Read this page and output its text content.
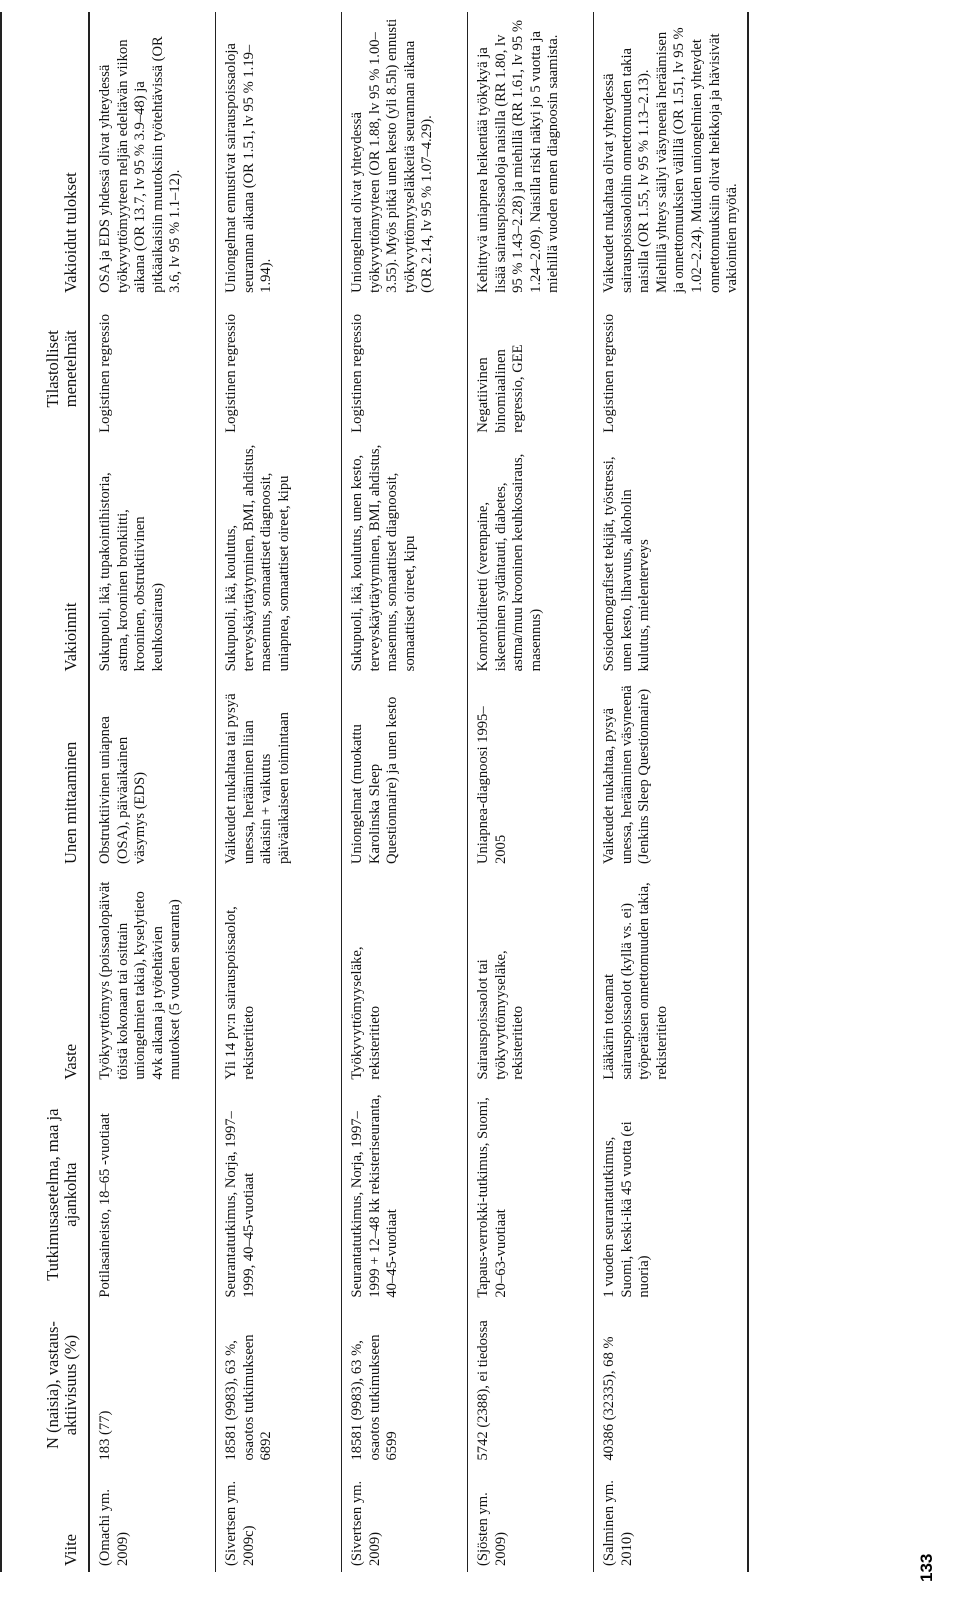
Viite	N (naisia), vastaus-aktiivisuus (%)	Tutkimusasetelma, maa ja ajankohta	Vaste	Unen mittaaminen	Vakioinnit	Tilastolliset menetelmät	Vakioidut tulokset
(Omachi ym. 2009)	183 (77)	Potilasaineisto, 18–65 -vuotiaat	Työkyvyttömyys (poissaolopäivät töistä kokonaan tai osittain uniongelmien takia), kyselytieto 4vk aikana ja työtehtävien muutokset (5 vuoden seuranta)	Obstruktiivinen uniapnea (OSA), päiväaikainen väsymys (EDS)	Sukupuoli, ikä, tupakointihistoria, astma, krooninen bronkiitti, krooninen, obstruktiivinen keuhkosairaus)	Logistinen regressio	OSA ja EDS yhdessä olivat yhteydessä työkyvyttömyyteen neljän edeltävän viikon aikana (OR 13.7, lv 95 % 3.9–48) ja pitkäaikaisiin muutoksiin työtehtävissä (OR 3.6, lv 95 % 1.1–12).
(Sivertsen ym. 2009c)	18581 (9983), 63 %, osaotos tutkimukseen 6892	Seurantatutkimus, Norja, 1997–1999, 40–45-vuotiaat	Yli 14 pv:n sairauspoissaolot, rekisteritieto	Vaikeudet nukahtaa tai pysyä unessa, herääminen liian aikaisin + vaikutus päiväaikaiseen toimintaan	Sukupuoli, ikä, koulutus, terveyskäyttäytyminen, BMI, ahdistus, masennus, somaattiset diagnoosit, uniapnea, somaattiset oireet, kipu	Logistinen regressio	Uniongelmat ennustivat sairauspoissaoloja seurannan aikana (OR 1.51, lv 95 % 1.19–1.94).
(Sivertsen ym. 2009)	18581 (9983), 63 %, osaotos tutkimukseen 6599	Seurantatutkimus, Norja, 1997–1999 + 12–48 kk rekisteriseuranta, 40–45-vuotiaat	Työkyvyttömyyseläke, rekisteritieto	Uniongelmat (muokattu Karolinska Sleep Questionnaire) ja unen kesto	Sukupuoli, ikä, koulutus, unen kesto, terveyskäyttäytyminen, BMI, ahdistus, masennus, somaattiset diagnoosit, somaattiset oireet, kipu	Logistinen regressio	Uniongelmat olivat yhteydessä työkyvyttömyyteen (OR 1.88, lv 95 % 1.00–3.55). Myös pitkä unen kesto (yli 8.5h) ennusti työkyvyttömyyseläkkeitä seurannan aikana (OR 2.14, lv 95 % 1.07–4.29).
(Sjösten ym. 2009)	5742 (2388), ei tiedossa	Tapaus-verrokki-tutkimus, Suomi, 20–63-vuotiaat	Sairauspoissaolot tai työkyvyttömyyseläke, rekisteritieto	Uniapnea-diagnoosi 1995–2005	Komorbiditeetti (verenpaine, iskeeminen sydäntauti, diabetes, astma/muu krooninen keuhkosairaus, masennus)	Negatiivinen binomiaalinen regressio, GEE	Kehittyvä uniapnea heikentää työkykyä ja lisää sairauspoissaoloja naisilla (RR 1.80, lv 95 % 1.43–2.28) ja miehillä (RR 1.61, lv 95 % 1.24–2.09). Naisilla riski näkyi jo 5 vuotta ja miehillä vuoden ennen diagnoosin saamista.
(Salminen ym. 2010)	40386 (32335), 68 %	1 vuoden seurantatutkimus, Suomi, keski-ikä 45 vuotta (ei nuoria)	Lääkärin toteamat sairauspoissaolot (kyllä vs. ei) työperäisen onnettomuuden takia, rekisteritieto	Vaikeudet nukahtaa, pysyä unessa, herääminen väsyneenä (Jenkins Sleep Questionnaire)	Sosiodemografiset tekijät, työstressi, unen kesto, lihavuus, alkoholin kulutus, mielenterveys	Logistinen regressio	Vaikeudet nukahtaa olivat yhteydessä sairauspoissaoloihin onnettomuuden takia naisilla (OR 1.55, lv 95 % 1.13–2.13). Miehillä yhteys säilyi väsyneenä heräämisen ja onnettomuuksien välillä (OR 1.51, lv 95 % 1.02–2.24). Muiden uniongelmien yhteydet onnettomuuksiin olivat heikkoja ja hävisivät vakiointien myötä.
133
